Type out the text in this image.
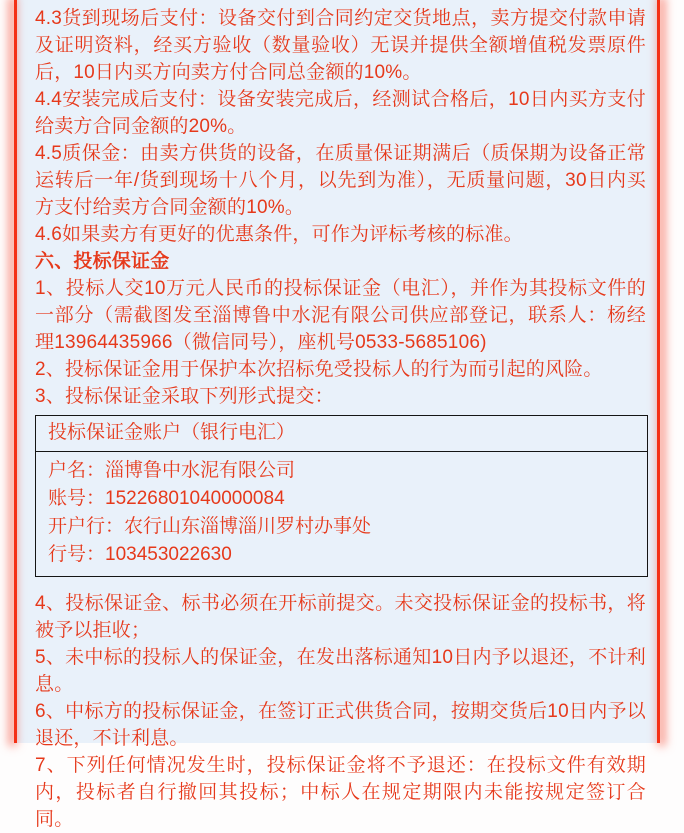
4.3货到现场后支付：设备交付到合同约定交货地点，卖方提交付款申请及证明资料，经买方验收（数量验收）无误并提供全额增值税发票原件后，10日内买方向卖方付合同总金额的10%。

4.4安装完成后支付：设备安装完成后，经测试合格后，10日内买方支付给卖方合同金额的20%。

4.5质保金：由卖方供货的设备，在质量保证期满后（质保期为设备正常运转后一年/货到现场十八个月，以先到为准），无质量问题，30日内买方支付给卖方合同金额的10%。

4.6如果卖方有更好的优惠条件，可作为评标考核的标准。

六、投标保证金

1、投标人交10万元人民币的投标保证金（电汇），并作为其投标文件的一部分（需截图发至淄博鲁中水泥有限公司供应部登记，联系人：杨经理13964435966（微信同号），座机号0533-5685106)

2、投标保证金用于保护本次招标免受投标人的行为而引起的风险。

3、投标保证金采取下列形式提交：

投标保证金账户（银行电汇）

户名：淄博鲁中水泥有限公司
账号：15226801040000084
开户行：农行山东淄博淄川罗村办事处
行号：103453022630

4、投标保证金、标书必须在开标前提交。未交投标保证金的投标书，将被予以拒收；

5、未中标的投标人的保证金，在发出落标通知10日内予以退还，不计利息。

6、中标方的投标保证金，在签订正式供货合同，按期交货后10日内予以退还，不计利息。

7、下列任何情况发生时，投标保证金将不予退还：在投标文件有效期内，投标者自行撤回其投标；中标人在规定期限内未能按规定签订合同。
